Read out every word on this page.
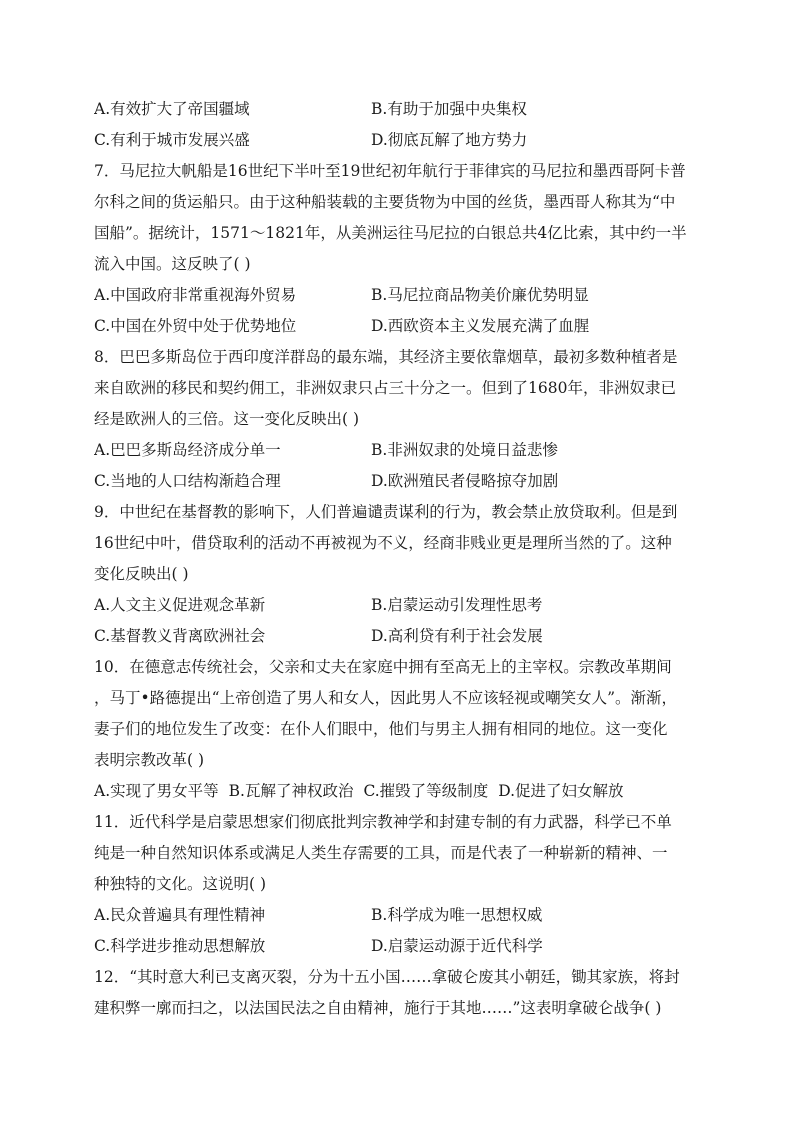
A.有效扩大了帝国疆域	B.有助于加强中央集权
C.有利于城市发展兴盛	D.彻底瓦解了地方势力
7．马尼拉大帆船是16世纪下半叶至19世纪初年航行于菲律宾的马尼拉和墨西哥阿卡普
尔科之间的货运船只。由于这种船装载的主要货物为中国的丝货，墨西哥人称其为“中
国船”。据统计，1571～1821年，从美洲运往马尼拉的白银总共4亿比索，其中约一半
流入中国。这反映了( )
A.中国政府非常重视海外贸易	B.马尼拉商品物美价廉优势明显
C.中国在外贸中处于优势地位	D.西欧资本主义发展充满了血腥
8．巴巴多斯岛位于西印度洋群岛的最东端，其经济主要依靠烟草，最初多数种植者是
来自欧洲的移民和契约佣工，非洲奴隶只占三十分之一。但到了1680年，非洲奴隶已
经是欧洲人的三倍。这一变化反映出( )
A.巴巴多斯岛经济成分单一	B.非洲奴隶的处境日益悲惨
C.当地的人口结构渐趋合理	D.欧洲殖民者侵略掠夺加剧
9．中世纪在基督教的影响下，人们普遍谴责谋利的行为，教会禁止放贷取利。但是到
16世纪中叶，借贷取利的活动不再被视为不义，经商非贱业更是理所当然的了。这种
变化反映出( )
A.人文主义促进观念革新	B.启蒙运动引发理性思考
C.基督教义背离欧洲社会	D.高利贷有利于社会发展
10．在德意志传统社会，父亲和丈夫在家庭中拥有至高无上的主宰权。宗教改革期间
，马丁•路德提出“上帝创造了男人和女人，因此男人不应该轻视或嘲笑女人”。渐渐，
妻子们的地位发生了改变：在仆人们眼中，他们与男主人拥有相同的地位。这一变化
表明宗教改革( )
A.实现了男女平等 B.瓦解了神权政治 C.摧毁了等级制度 D.促进了妇女解放
11．近代科学是启蒙思想家们彻底批判宗教神学和封建专制的有力武器，科学已不单
纯是一种自然知识体系或满足人类生存需要的工具，而是代表了一种崭新的精神、一
种独特的文化。这说明( )
A.民众普遍具有理性精神	B.科学成为唯一思想权威
C.科学进步推动思想解放	D.启蒙运动源于近代科学
12．“其时意大利已支离灭裂，分为十五小国……拿破仑废其小朝廷，锄其家族，将封
建积弊一廓而扫之，以法国民法之自由精神，施行于其地……”这表明拿破仑战争( )
